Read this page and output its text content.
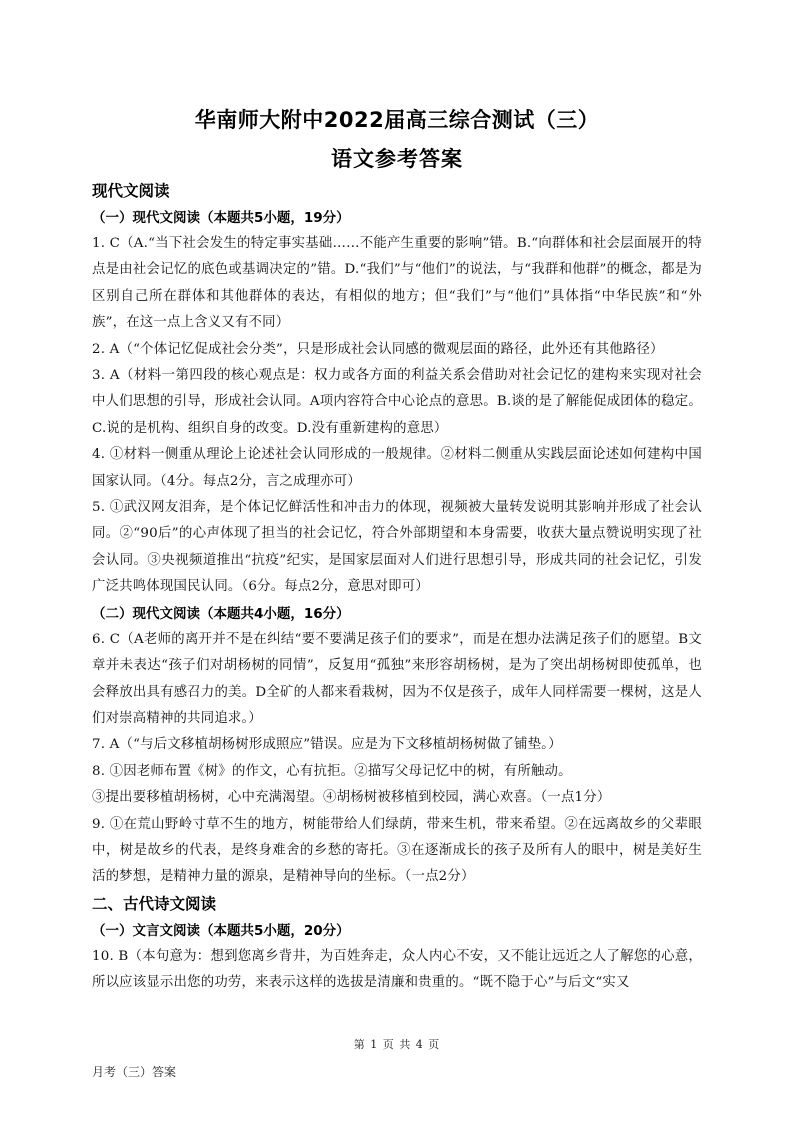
华南师大附中2022届高三综合测试（三）
语文参考答案

现代文阅读

（一）现代文阅读（本题共5小题，19分）

1. C（A.“当下社会发生的特定事实基础……不能产生重要的影响”错。B.“向群体和社会层面展开的特点是由社会记忆的底色或基调决定的”错。D.“我们”与“他们”的说法，与“我群和他群”的概念，都是为区别自己所在群体和其他群体的表达，有相似的地方；但“我们”与“他们”具体指“中华民族”和“外族”，在这一点上含义又有不同）

2. A（“个体记忆促成社会分类”，只是形成社会认同感的微观层面的路径，此外还有其他路径）

3. A（材料一第四段的核心观点是：权力或各方面的利益关系会借助对社会记忆的建构来实现对社会中人们思想的引导，形成社会认同。A项内容符合中心论点的意思。B.谈的是了解能促成团体的稳定。C.说的是机构、组织自身的改变。D.没有重新建构的意思）

4. ①材料一侧重从理论上论述社会认同形成的一般规律。②材料二侧重从实践层面论述如何建构中国国家认同。（4分。每点2分，言之成理亦可）

5. ①武汉网友泪奔，是个体记忆鲜活性和冲击力的体现，视频被大量转发说明其影响并形成了社会认同。②“90后”的心声体现了担当的社会记忆，符合外部期望和本身需要，收获大量点赞说明实现了社会认同。③央视频道推出“抗疫”纪实，是国家层面对人们进行思想引导，形成共同的社会记忆，引发广泛共鸣体现国民认同。（6分。每点2分，意思对即可）

（二）现代文阅读（本题共4小题，16分）

6. C（A老师的离开并不是在纠结“要不要满足孩子们的要求”，而是在想办法满足孩子们的愿望。B文章并未表达“孩子们对胡杨树的同情”，反复用“孤独”来形容胡杨树，是为了突出胡杨树即使孤单，也会释放出具有感召力的美。D全矿的人都来看栽树，因为不仅是孩子，成年人同样需要一棵树，这是人们对崇高精神的共同追求。）

7. A（“与后文移植胡杨树形成照应”错误。应是为下文移植胡杨树做了铺垫。）

8. ①因老师布置《树》的作文，心有抗拒。②描写父母记忆中的树，有所触动。

③提出要移植胡杨树，心中充满渴望。④胡杨树被移植到校园，满心欢喜。（一点1分）

9. ①在荒山野岭寸草不生的地方，树能带给人们绿荫，带来生机，带来希望。②在远离故乡的父辈眼中，树是故乡的代表，是终身难舍的乡愁的寄托。③在逐渐成长的孩子及所有人的眼中，树是美好生活的梦想，是精神力量的源泉，是精神导向的坐标。（一点2分）

二、古代诗文阅读

（一）文言文阅读（本题共5小题，20分）

10. B（本句意为：想到您离乡背井，为百姓奔走，众人内心不安，又不能让远近之人了解您的心意，所以应该显示出您的功劳，来表示这样的选拔是清廉和贵重的。“既不隐于心”与后文“实又

第 1 页 共 4 页
月考（三）答案
